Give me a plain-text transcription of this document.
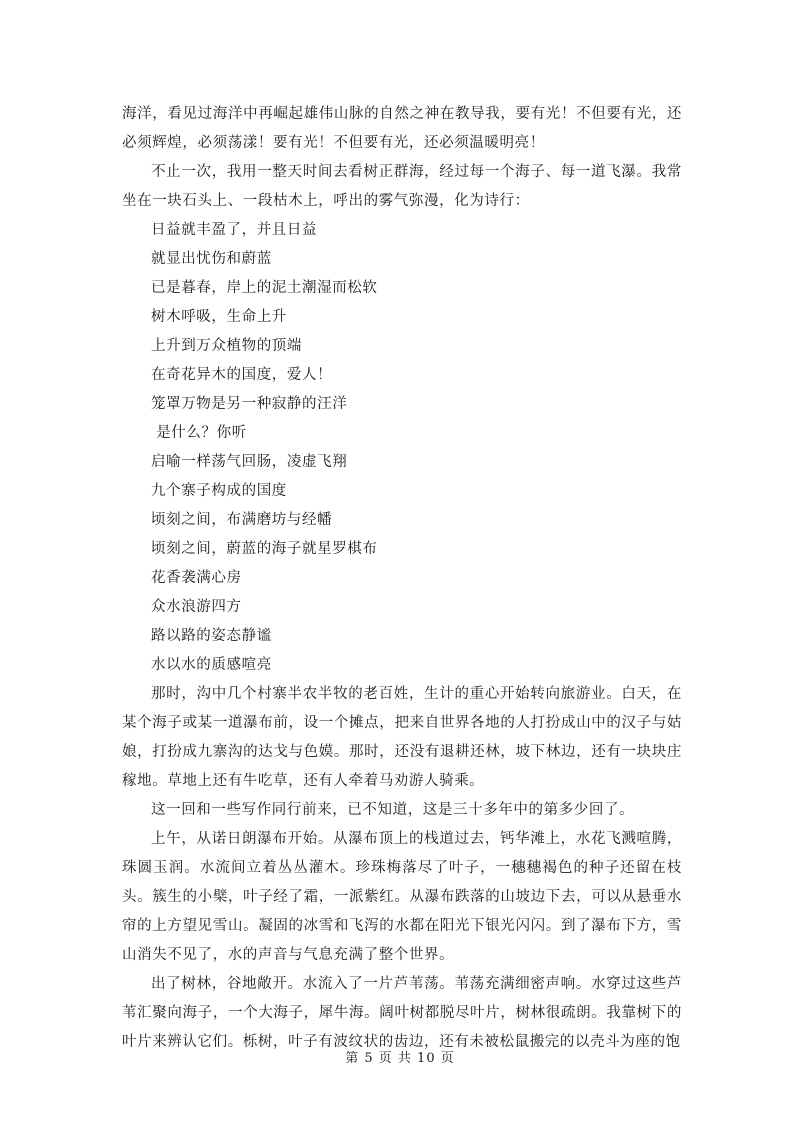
海洋，看见过海洋中再崛起雄伟山脉的自然之神在教导我，要有光！不但要有光，还必须辉煌，必须荡漾！要有光！不但要有光，还必须温暖明亮！

不止一次，我用一整天时间去看树正群海，经过每一个海子、每一道飞瀑。我常坐在一块石头上、一段枯木上，呼出的雾气弥漫，化为诗行：

日益就丰盈了，并且日益
就显出忧伤和蔚蓝
已是暮春，岸上的泥土潮湿而松软
树木呼吸，生命上升
上升到万众植物的顶端
在奇花异木的国度，爱人！
笼罩万物是另一种寂静的汪洋
是什么？你听
启喻一样荡气回肠，凌虚飞翔
九个寨子构成的国度
顷刻之间，布满磨坊与经幡
顷刻之间，蔚蓝的海子就星罗棋布
花香袭满心房
众水浪游四方
路以路的姿态静谧
水以水的质感喧亮

那时，沟中几个村寨半农半牧的老百姓，生计的重心开始转向旅游业。白天，在某个海子或某一道瀑布前，设一个摊点，把来自世界各地的人打扮成山中的汉子与姑娘，打扮成九寨沟的达戈与色嫫。那时，还没有退耕还林，坡下林边，还有一块块庄稼地。草地上还有牛吃草，还有人牵着马劝游人骑乘。

这一回和一些写作同行前来，已不知道，这是三十多年中的第多少回了。

上午，从诺日朗瀑布开始。从瀑布顶上的栈道过去，钙华滩上，水花飞溅喧腾，珠圆玉润。水流间立着丛丛灌木。珍珠梅落尽了叶子，一穗穗褐色的种子还留在枝头。簇生的小檗，叶子经了霜，一派紫红。从瀑布跌落的山坡边下去，可以从悬垂水帘的上方望见雪山。凝固的冰雪和飞泻的水都在阳光下银光闪闪。到了瀑布下方，雪山消失不见了，水的声音与气息充满了整个世界。

出了树林，谷地敞开。水流入了一片芦苇荡。苇荡充满细密声响。水穿过这些芦苇汇聚向海子，一个大海子，犀牛海。阔叶树都脱尽叶片，树林很疏朗。我靠树下的叶片来辨认它们。栎树，叶子有波纹状的齿边，还有未被松鼠搬完的以壳斗为座的饱

第 5 页 共 10 页
